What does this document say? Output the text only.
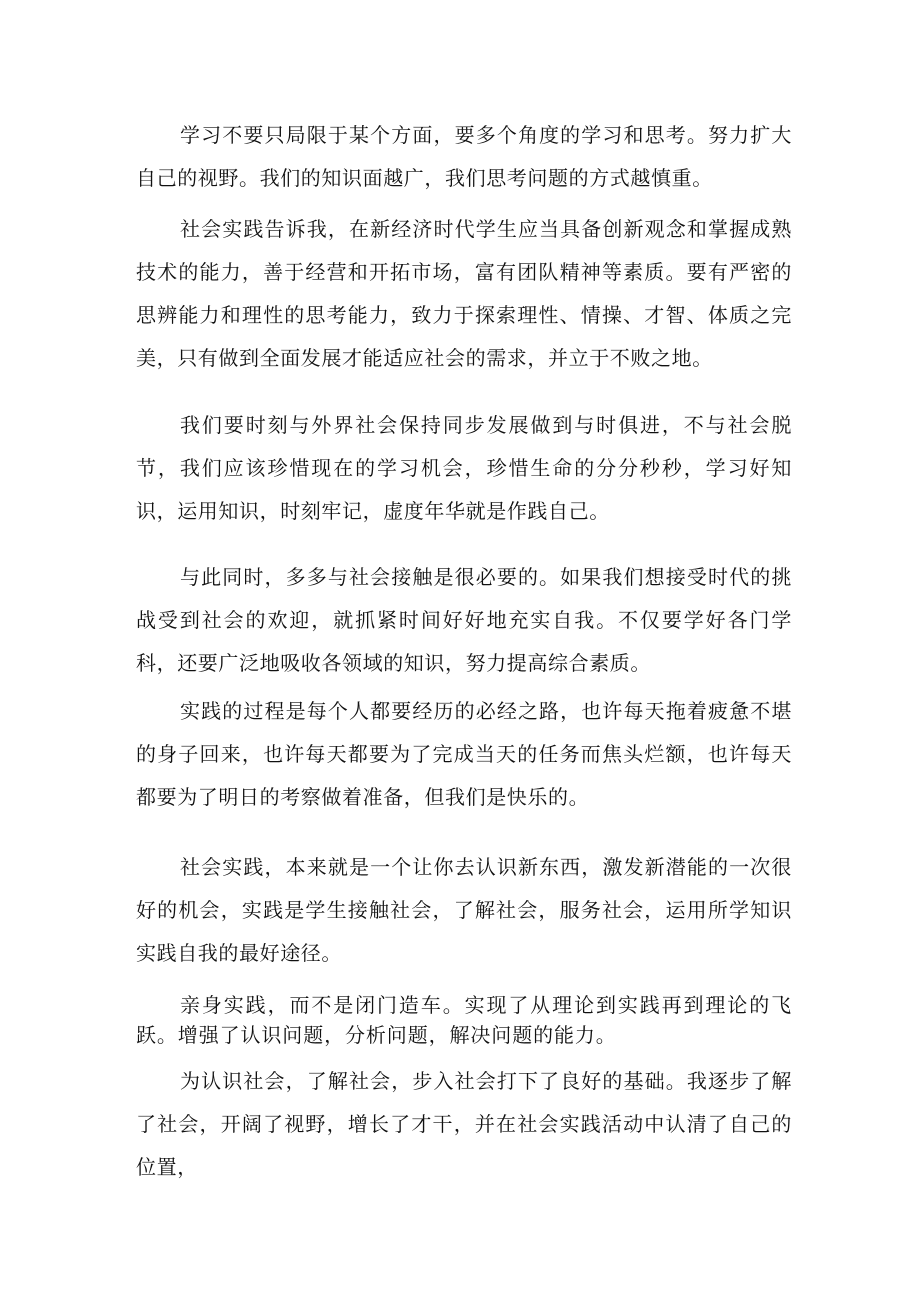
学习不要只局限于某个方面，要多个角度的学习和思考。努力扩大自己的视野。我们的知识面越广，我们思考问题的方式越慎重。

社会实践告诉我，在新经济时代学生应当具备创新观念和掌握成熟技术的能力，善于经营和开拓市场，富有团队精神等素质。要有严密的思辨能力和理性的思考能力，致力于探索理性、情操、才智、体质之完美，只有做到全面发展才能适应社会的需求，并立于不败之地。

我们要时刻与外界社会保持同步发展做到与时俱进，不与社会脱节，我们应该珍惜现在的学习机会，珍惜生命的分分秒秒，学习好知识，运用知识，时刻牢记，虚度年华就是作践自己。

与此同时，多多与社会接触是很必要的。如果我们想接受时代的挑战受到社会的欢迎，就抓紧时间好好地充实自我。不仅要学好各门学科，还要广泛地吸收各领域的知识，努力提高综合素质。

实践的过程是每个人都要经历的必经之路，也许每天拖着疲惫不堪的身子回来，也许每天都要为了完成当天的任务而焦头烂额，也许每天都要为了明日的考察做着准备，但我们是快乐的。

社会实践，本来就是一个让你去认识新东西，激发新潜能的一次很好的机会，实践是学生接触社会，了解社会，服务社会，运用所学知识实践自我的最好途径。

亲身实践，而不是闭门造车。实现了从理论到实践再到理论的飞跃。增强了认识问题，分析问题，解决问题的能力。

为认识社会，了解社会，步入社会打下了良好的基础。我逐步了解了社会，开阔了视野，增长了才干，并在社会实践活动中认清了自己的位置，
